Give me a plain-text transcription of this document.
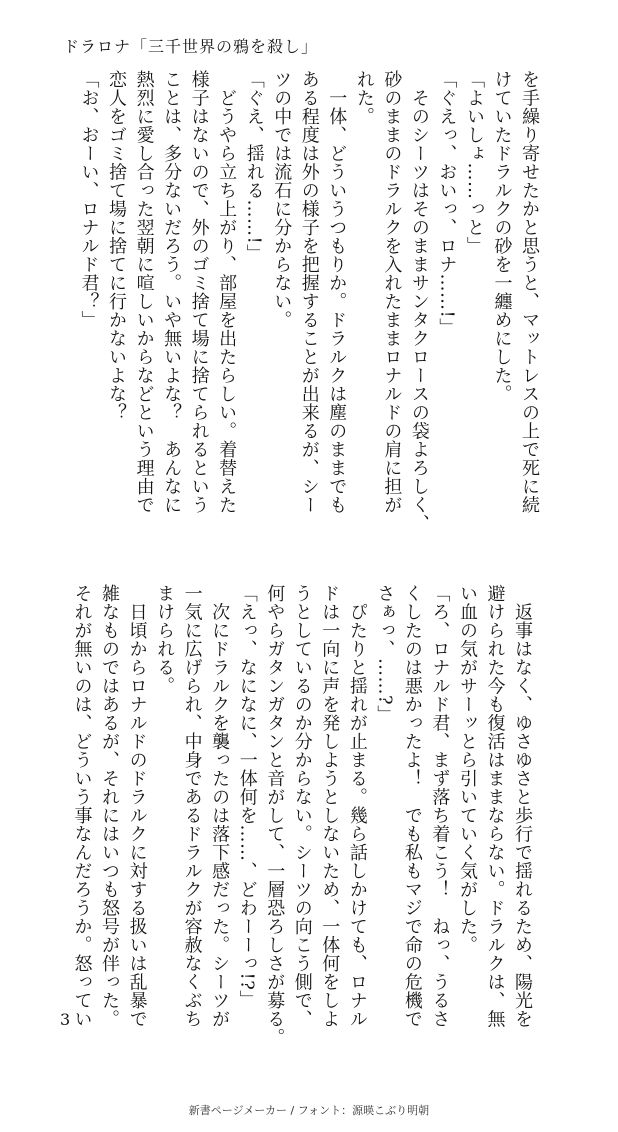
ドラロナ「三千世界の鴉を殺し」
を手繰り寄せたかと思うと、マットレスの上で死に続
けていたドラルクの砂を一纏めにした。
「よいしょ……っと」
「ぐえっ、おいっ、ロナ……!」
　そのシーツはそのままサンタクロースの袋よろしく、
砂のままのドラルクを入れたままロナルドの肩に担が
れた。
　一体、どういうつもりか。ドラルクは塵のままでも
ある程度は外の様子を把握することが出来るが、シー
ツの中では流石に分からない。
「ぐえ、揺れる……!」
　どうやら立ち上がり、部屋を出たらしい。着替えた
様子はないので、外のゴミ捨て場に捨てられるという
ことは、多分ないだろう。いや無いよな？　あんなに
熱烈に愛し合った翌朝に喧しいからなどという理由で
恋人をゴミ捨て場に捨てに行かないよな？
「お、おーい、ロナルド君？」
　返事はなく、ゆさゆさと歩行で揺れるため、陽光を
避けられた今も復活はままならない。ドラルクは、無
い血の気がサーッとら引いていく気がした。
「ろ、ロナルド君、まず落ち着こう！　ねっ、うるさ
くしたのは悪かったよ！　でも私もマジで命の危機で
さぁっ、……?」
　ぴたりと揺れが止まる。幾ら話しかけても、ロナル
ドは一向に声を発しようとしないため、一体何をしよ
うとしているのか分からない。シーツの向こう側で、
何やらガタンガタンと音がして、一層恐ろしさが募る。
「えっ、なになに、一体何を……、どわーーっ!?」
　次にドラルクを襲ったのは落下感だった。シーツが
一気に広げられ、中身であるドラルクが容赦なくぶち
まけられる。
　日頃からロナルドのドラルクに対する扱いは乱暴で
雑なものではあるが、それにはいつも怒号が伴った。
それが無いのは、どういう事なんだろうか。怒ってい
3
新書ページメーカー / フォント：源暎こぶり明朝
